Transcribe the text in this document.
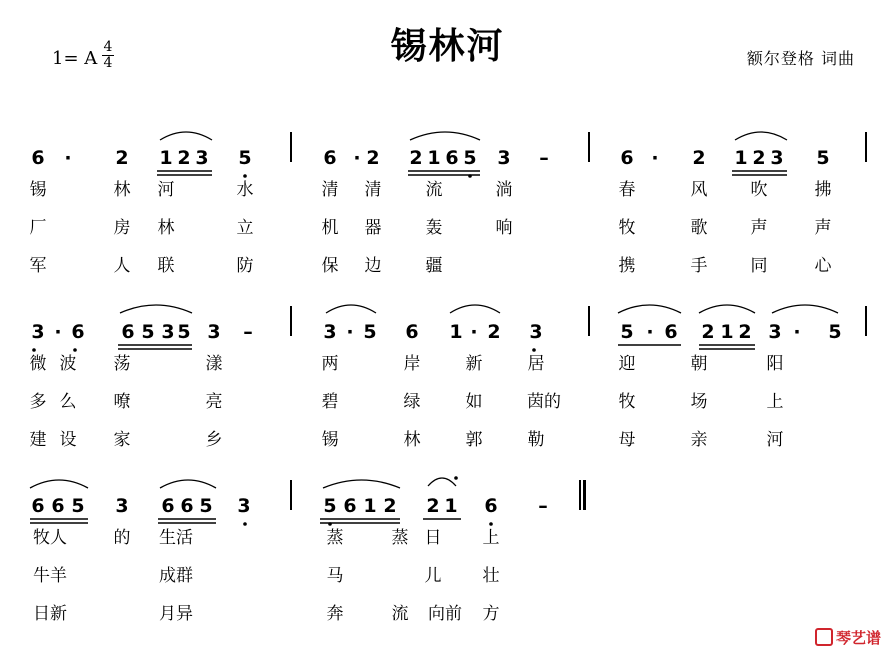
锡林河
1= A $\frac{4}{4}$	额尔登格 词曲
6 · 2 1 2 3 5	6 · 2 2 1 6 5 3 –	6 · 2 1 2 3 5
3 · 6 6 5 3 5 3 –	3 · 5 6 1 · 2 3	5 · 6 2 1 2 3 · 5
6 6 5 3 6 6 5 3	5 6 1 2 2 1 6 –
锡	林 河	水	清 清	流	淌	春	风	吹	拂
厂	房 林	立	机 器	轰	响	牧	歌	声	声
军	人 联	防	保 边	疆	携	手	同	心
微 波 荡	漾	两	岸	新	居	迎	朝	阳
多 么 嘹	亮	碧	绿	如	茵的	牧	场	上
建 设 家	乡	锡	林	郭	勒	母	亲	河
牧人	的 生活	蒸	蒸 日 上
牛羊	成群	马	儿 壮
日新	月异	奔	流 向前 方
琴艺谱
